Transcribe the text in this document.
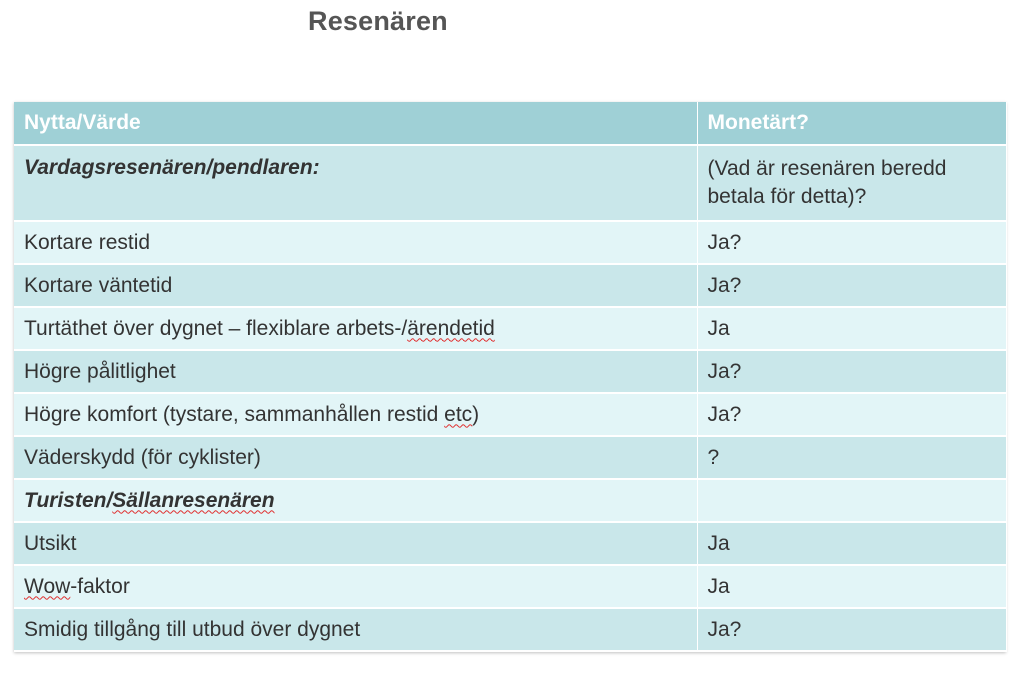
Resenären
Nytta/Värde	Monetärt?
Vardagsresenären/pendlaren:	(Vad är resenären beredd betala för detta)?
Kortare restid	Ja?
Kortare väntetid	Ja?
Turtäthet över dygnet – flexiblare arbets-/ärendetid	Ja
Högre pålitlighet	Ja?
Högre komfort (tystare, sammanhållen restid etc)	Ja?
Väderskydd (för cyklister)	?
Turisten/Sällanresenären	
Utsikt	Ja
Wow-faktor	Ja
Smidig tillgång till utbud över dygnet	Ja?
